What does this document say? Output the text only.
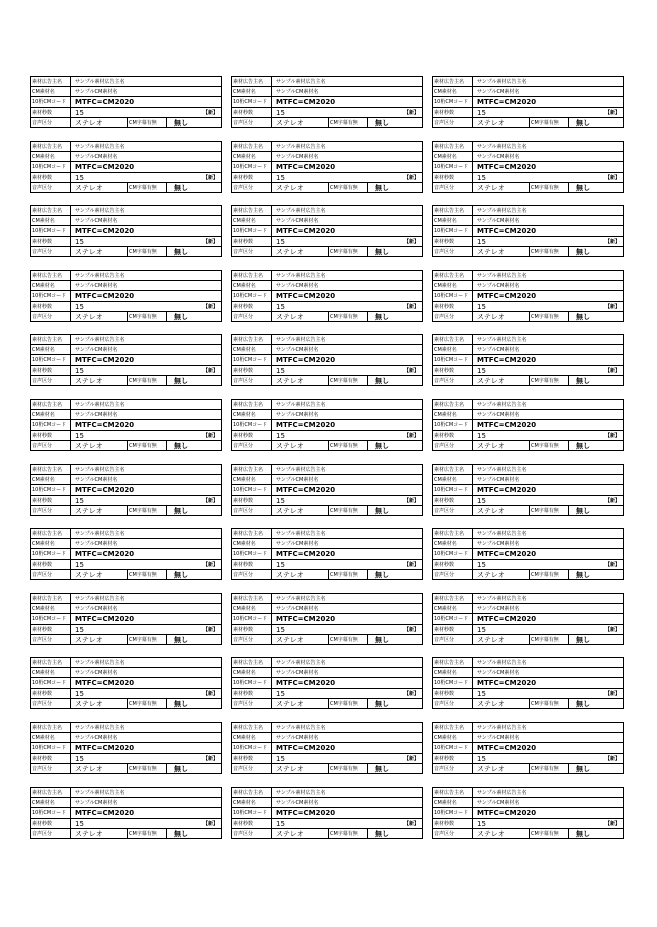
素材広告主名	サンプル素材広告主名
CM素材名	サンプルCM素材名
10桁CMコード	MTFC=CM2020
素材秒数	15	【新】
音声区分	ステレオ	CM字幕有無	無し
素材広告主名	サンプル素材広告主名
CM素材名	サンプルCM素材名
10桁CMコード	MTFC=CM2020
素材秒数	15	【新】
音声区分	ステレオ	CM字幕有無	無し
素材広告主名	サンプル素材広告主名
CM素材名	サンプルCM素材名
10桁CMコード	MTFC=CM2020
素材秒数	15	【新】
音声区分	ステレオ	CM字幕有無	無し
素材広告主名	サンプル素材広告主名
CM素材名	サンプルCM素材名
10桁CMコード	MTFC=CM2020
素材秒数	15	【新】
音声区分	ステレオ	CM字幕有無	無し
素材広告主名	サンプル素材広告主名
CM素材名	サンプルCM素材名
10桁CMコード	MTFC=CM2020
素材秒数	15	【新】
音声区分	ステレオ	CM字幕有無	無し
素材広告主名	サンプル素材広告主名
CM素材名	サンプルCM素材名
10桁CMコード	MTFC=CM2020
素材秒数	15	【新】
音声区分	ステレオ	CM字幕有無	無し
素材広告主名	サンプル素材広告主名
CM素材名	サンプルCM素材名
10桁CMコード	MTFC=CM2020
素材秒数	15	【新】
音声区分	ステレオ	CM字幕有無	無し
素材広告主名	サンプル素材広告主名
CM素材名	サンプルCM素材名
10桁CMコード	MTFC=CM2020
素材秒数	15	【新】
音声区分	ステレオ	CM字幕有無	無し
素材広告主名	サンプル素材広告主名
CM素材名	サンプルCM素材名
10桁CMコード	MTFC=CM2020
素材秒数	15	【新】
音声区分	ステレオ	CM字幕有無	無し
素材広告主名	サンプル素材広告主名
CM素材名	サンプルCM素材名
10桁CMコード	MTFC=CM2020
素材秒数	15	【新】
音声区分	ステレオ	CM字幕有無	無し
素材広告主名	サンプル素材広告主名
CM素材名	サンプルCM素材名
10桁CMコード	MTFC=CM2020
素材秒数	15	【新】
音声区分	ステレオ	CM字幕有無	無し
素材広告主名	サンプル素材広告主名
CM素材名	サンプルCM素材名
10桁CMコード	MTFC=CM2020
素材秒数	15	【新】
音声区分	ステレオ	CM字幕有無	無し
素材広告主名	サンプル素材広告主名
CM素材名	サンプルCM素材名
10桁CMコード	MTFC=CM2020
素材秒数	15	【新】
音声区分	ステレオ	CM字幕有無	無し
素材広告主名	サンプル素材広告主名
CM素材名	サンプルCM素材名
10桁CMコード	MTFC=CM2020
素材秒数	15	【新】
音声区分	ステレオ	CM字幕有無	無し
素材広告主名	サンプル素材広告主名
CM素材名	サンプルCM素材名
10桁CMコード	MTFC=CM2020
素材秒数	15	【新】
音声区分	ステレオ	CM字幕有無	無し
素材広告主名	サンプル素材広告主名
CM素材名	サンプルCM素材名
10桁CMコード	MTFC=CM2020
素材秒数	15	【新】
音声区分	ステレオ	CM字幕有無	無し
素材広告主名	サンプル素材広告主名
CM素材名	サンプルCM素材名
10桁CMコード	MTFC=CM2020
素材秒数	15	【新】
音声区分	ステレオ	CM字幕有無	無し
素材広告主名	サンプル素材広告主名
CM素材名	サンプルCM素材名
10桁CMコード	MTFC=CM2020
素材秒数	15	【新】
音声区分	ステレオ	CM字幕有無	無し
素材広告主名	サンプル素材広告主名
CM素材名	サンプルCM素材名
10桁CMコード	MTFC=CM2020
素材秒数	15	【新】
音声区分	ステレオ	CM字幕有無	無し
素材広告主名	サンプル素材広告主名
CM素材名	サンプルCM素材名
10桁CMコード	MTFC=CM2020
素材秒数	15	【新】
音声区分	ステレオ	CM字幕有無	無し
素材広告主名	サンプル素材広告主名
CM素材名	サンプルCM素材名
10桁CMコード	MTFC=CM2020
素材秒数	15	【新】
音声区分	ステレオ	CM字幕有無	無し
素材広告主名	サンプル素材広告主名
CM素材名	サンプルCM素材名
10桁CMコード	MTFC=CM2020
素材秒数	15	【新】
音声区分	ステレオ	CM字幕有無	無し
素材広告主名	サンプル素材広告主名
CM素材名	サンプルCM素材名
10桁CMコード	MTFC=CM2020
素材秒数	15	【新】
音声区分	ステレオ	CM字幕有無	無し
素材広告主名	サンプル素材広告主名
CM素材名	サンプルCM素材名
10桁CMコード	MTFC=CM2020
素材秒数	15	【新】
音声区分	ステレオ	CM字幕有無	無し
素材広告主名	サンプル素材広告主名
CM素材名	サンプルCM素材名
10桁CMコード	MTFC=CM2020
素材秒数	15	【新】
音声区分	ステレオ	CM字幕有無	無し
素材広告主名	サンプル素材広告主名
CM素材名	サンプルCM素材名
10桁CMコード	MTFC=CM2020
素材秒数	15	【新】
音声区分	ステレオ	CM字幕有無	無し
素材広告主名	サンプル素材広告主名
CM素材名	サンプルCM素材名
10桁CMコード	MTFC=CM2020
素材秒数	15	【新】
音声区分	ステレオ	CM字幕有無	無し
素材広告主名	サンプル素材広告主名
CM素材名	サンプルCM素材名
10桁CMコード	MTFC=CM2020
素材秒数	15	【新】
音声区分	ステレオ	CM字幕有無	無し
素材広告主名	サンプル素材広告主名
CM素材名	サンプルCM素材名
10桁CMコード	MTFC=CM2020
素材秒数	15	【新】
音声区分	ステレオ	CM字幕有無	無し
素材広告主名	サンプル素材広告主名
CM素材名	サンプルCM素材名
10桁CMコード	MTFC=CM2020
素材秒数	15	【新】
音声区分	ステレオ	CM字幕有無	無し
素材広告主名	サンプル素材広告主名
CM素材名	サンプルCM素材名
10桁CMコード	MTFC=CM2020
素材秒数	15	【新】
音声区分	ステレオ	CM字幕有無	無し
素材広告主名	サンプル素材広告主名
CM素材名	サンプルCM素材名
10桁CMコード	MTFC=CM2020
素材秒数	15	【新】
音声区分	ステレオ	CM字幕有無	無し
素材広告主名	サンプル素材広告主名
CM素材名	サンプルCM素材名
10桁CMコード	MTFC=CM2020
素材秒数	15	【新】
音声区分	ステレオ	CM字幕有無	無し
素材広告主名	サンプル素材広告主名
CM素材名	サンプルCM素材名
10桁CMコード	MTFC=CM2020
素材秒数	15	【新】
音声区分	ステレオ	CM字幕有無	無し
素材広告主名	サンプル素材広告主名
CM素材名	サンプルCM素材名
10桁CMコード	MTFC=CM2020
素材秒数	15	【新】
音声区分	ステレオ	CM字幕有無	無し
素材広告主名	サンプル素材広告主名
CM素材名	サンプルCM素材名
10桁CMコード	MTFC=CM2020
素材秒数	15	【新】
音声区分	ステレオ	CM字幕有無	無し
